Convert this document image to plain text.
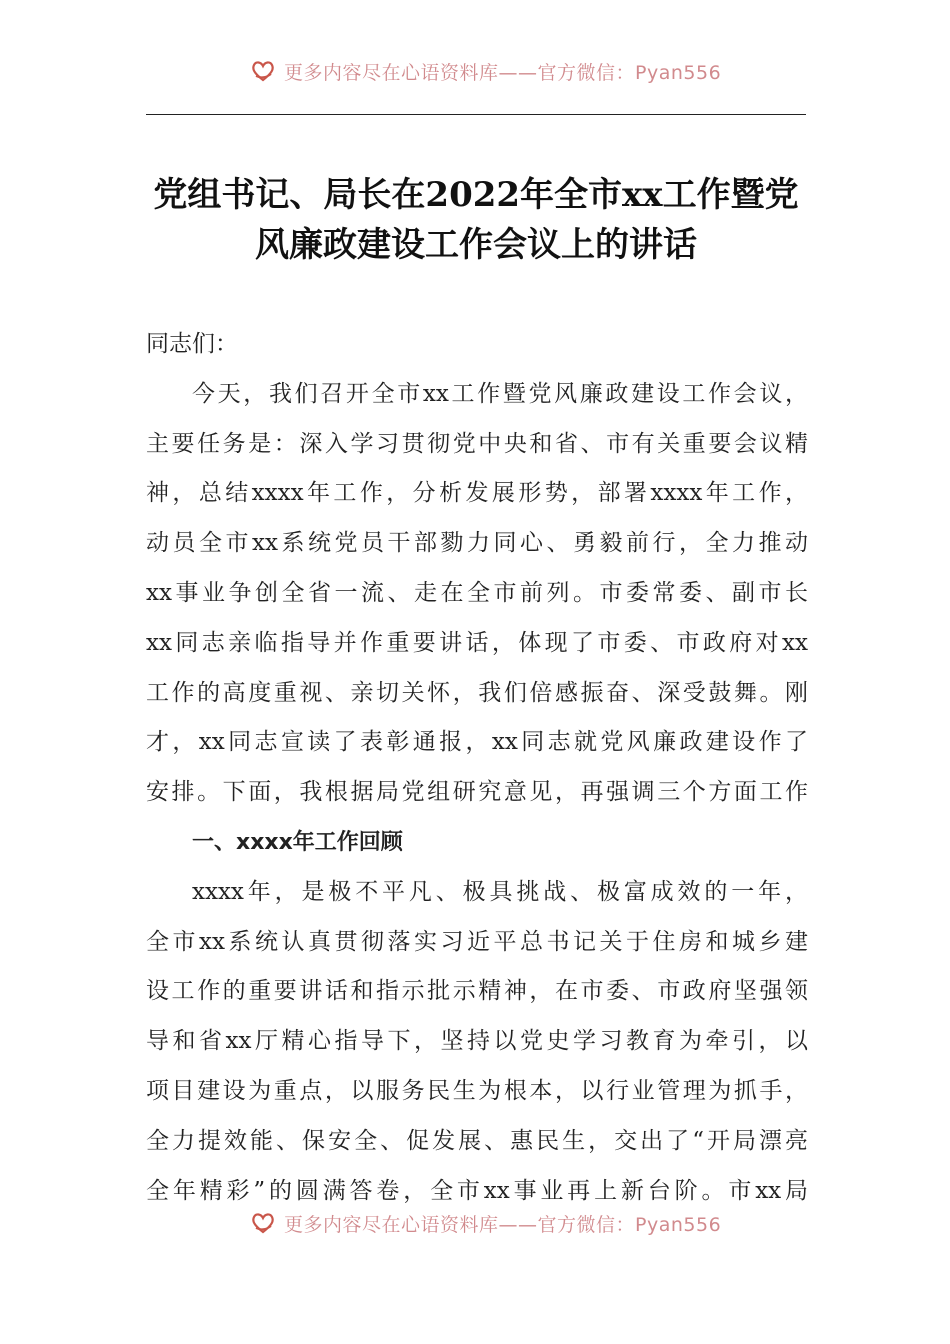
更多内容尽在心语资料库——官方微信：Pyan556
党组书记、局长在2022年全市xx工作暨党
风廉政建设工作会议上的讲话
同志们：
今天，我们召开全市xx工作暨党风廉政建设工作会议，
主要任务是：深入学习贯彻党中央和省、市有关重要会议精
神，总结xxxx年工作，分析发展形势，部署xxxx年工作，
动员全市xx系统党员干部勠力同心、勇毅前行，全力推动
xx事业争创全省一流、走在全市前列。市委常委、副市长
xx同志亲临指导并作重要讲话，体现了市委、市政府对xx
工作的高度重视、亲切关怀，我们倍感振奋、深受鼓舞。刚
才，xx同志宣读了表彰通报，xx同志就党风廉政建设作了
安排。下面，我根据局党组研究意见，再强调三个方面工作
一、xxxx年工作回顾
xxxx年，是极不平凡、极具挑战、极富成效的一年，
全市xx系统认真贯彻落实习近平总书记关于住房和城乡建
设工作的重要讲话和指示批示精神，在市委、市政府坚强领
导和省xx厅精心指导下，坚持以党史学习教育为牵引，以
项目建设为重点，以服务民生为根本，以行业管理为抓手，
全力提效能、保安全、促发展、惠民生，交出了“开局漂亮
全年精彩”的圆满答卷，全市xx事业再上新台阶。市xx局
更多内容尽在心语资料库——官方微信：Pyan556
